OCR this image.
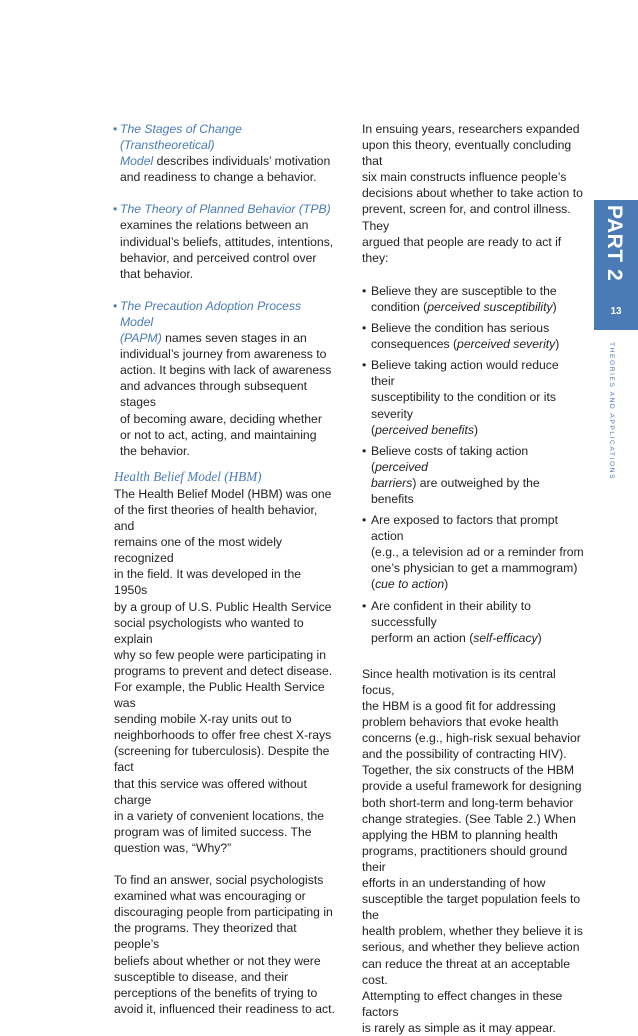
• The Stages of Change (Transtheoretical)
Model describes individuals’ motivation
and readiness to change a behavior.
• The Theory of Planned Behavior (TPB)
examines the relations between an
individual’s beliefs, attitudes, intentions,
behavior, and perceived control over
that behavior.
• The Precaution Adoption Process Model
(PAPM) names seven stages in an
individual’s journey from awareness to
action. It begins with lack of awareness
and advances through subsequent stages
of becoming aware, deciding whether
or not to act, acting, and maintaining
the behavior.
Health Belief Model (HBM)
The Health Belief Model (HBM) was one
of the first theories of health behavior, and
remains one of the most widely recognized
in the field. It was developed in the 1950s
by a group of U.S. Public Health Service
social psychologists who wanted to explain
why so few people were participating in
programs to prevent and detect disease.
For example, the Public Health Service was
sending mobile X-ray units out to
neighborhoods to offer free chest X-rays
(screening for tuberculosis). Despite the fact
that this service was offered without charge
in a variety of convenient locations, the
program was of limited success. The
question was, “Why?”
To find an answer, social psychologists
examined what was encouraging or
discouraging people from participating in
the programs. They theorized that people’s
beliefs about whether or not they were
susceptible to disease, and their
perceptions of the benefits of trying to
avoid it, influenced their readiness to act.
In ensuing years, researchers expanded
upon this theory, eventually concluding that
six main constructs influence people’s
decisions about whether to take action to
prevent, screen for, and control illness. They
argued that people are ready to act if they:
• Believe they are susceptible to the
condition (perceived susceptibility)
• Believe the condition has serious
consequences (perceived severity)
• Believe taking action would reduce their
susceptibility to the condition or its severity
(perceived benefits)
• Believe costs of taking action (perceived
barriers) are outweighed by the benefits
• Are exposed to factors that prompt action
(e.g., a television ad or a reminder from
one’s physician to get a mammogram)
(cue to action)
• Are confident in their ability to successfully
perform an action (self-efficacy)
Since health motivation is its central focus,
the HBM is a good fit for addressing
problem behaviors that evoke health
concerns (e.g., high-risk sexual behavior
and the possibility of contracting HIV).
Together, the six constructs of the HBM
provide a useful framework for designing
both short-term and long-term behavior
change strategies. (See Table 2.) When
applying the HBM to planning health
programs, practitioners should ground their
efforts in an understanding of how
susceptible the target population feels to the
health problem, whether they believe it is
serious, and whether they believe action
can reduce the threat at an acceptable cost.
Attempting to effect changes in these factors
is rarely as simple as it may appear.
PART 2
13
THEORIES AND APPLICATIONS
